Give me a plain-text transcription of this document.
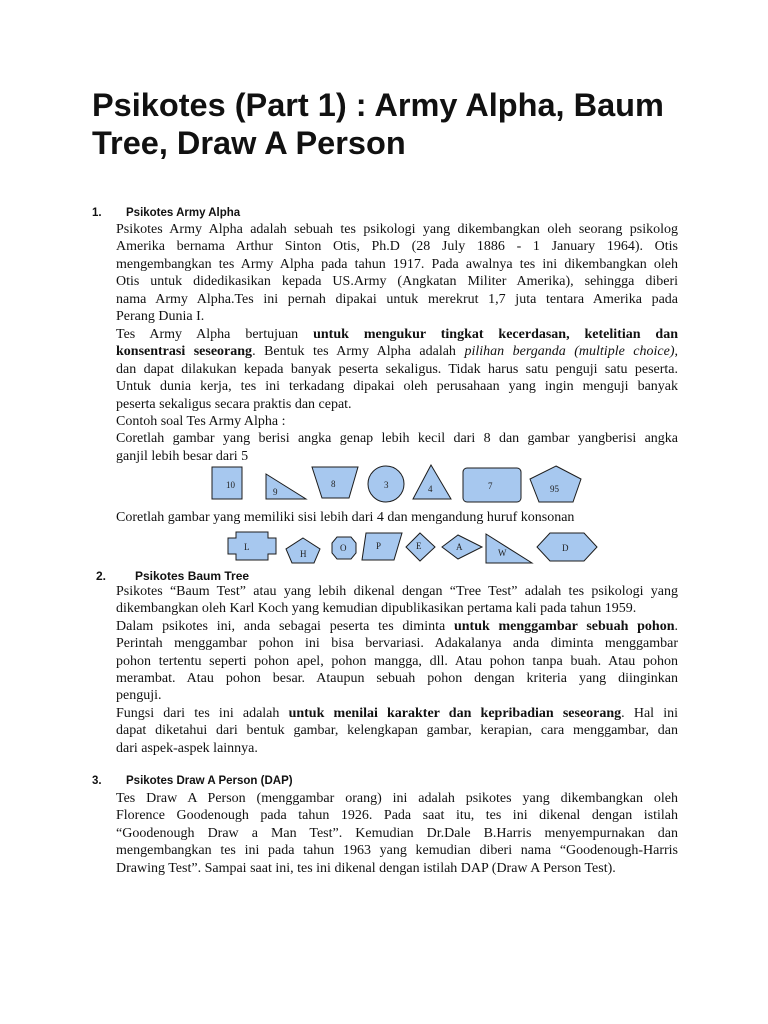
Psikotes (Part 1) : Army Alpha, Baum Tree, Draw A Person
1. Psikotes Army Alpha
Psikotes Army Alpha adalah sebuah tes psikologi yang dikembangkan oleh seorang psikolog
Amerika bernama Arthur Sinton Otis, Ph.D (28 July 1886 - 1 January 1964). Otis
mengembangkan tes Army Alpha pada tahun 1917. Pada awalnya tes ini dikembangkan oleh
Otis untuk didedikasikan kepada US.Army (Angkatan Militer Amerika), sehingga diberi
nama Army Alpha.Tes ini pernah dipakai untuk merekrut 1,7 juta tentara Amerika pada
Perang Dunia I.
Tes Army Alpha bertujuan untuk mengukur tingkat kecerdasan, ketelitian dan
konsentrasi seseorang. Bentuk tes Army Alpha adalah pilihan berganda (multiple choice),
dan dapat dilakukan kepada banyak peserta sekaligus. Tidak harus satu penguji satu peserta.
Untuk dunia kerja, tes ini terkadang dipakai oleh perusahaan yang ingin menguji banyak
peserta sekaligus secara praktis dan cepat.
Contoh soal Tes Army Alpha :
Coretlah gambar yang berisi angka genap lebih kecil dari 8 dan gambar yangberisi angka
ganjil lebih besar dari 5
10
9
8	3	4	7	95
Coretlah gambar yang memiliki sisi lebih dari 4 dan mengandung huruf konsonan
L
H
O	P	E	A
W	D
2. Psikotes Baum Tree
Psikotes “Baum Test” atau yang lebih dikenal dengan “Tree Test” adalah tes psikologi yang
dikembangkan oleh Karl Koch yang kemudian dipublikasikan pertama kali pada tahun 1959.
Dalam psikotes ini, anda sebagai peserta tes diminta untuk menggambar sebuah pohon.
Perintah menggambar pohon ini bisa bervariasi. Adakalanya anda diminta menggambar
pohon tertentu seperti pohon apel, pohon mangga, dll. Atau pohon tanpa buah. Atau pohon
merambat. Atau pohon besar. Ataupun sebuah pohon dengan kriteria yang diinginkan
penguji.
Fungsi dari tes ini adalah untuk menilai karakter dan kepribadian seseorang. Hal ini
dapat diketahui dari bentuk gambar, kelengkapan gambar, kerapian, cara menggambar, dan
dari aspek-aspek lainnya.
3. Psikotes Draw A Person (DAP)
Tes Draw A Person (menggambar orang) ini adalah psikotes yang dikembangkan oleh
Florence Goodenough pada tahun 1926. Pada saat itu, tes ini dikenal dengan istilah
“Goodenough Draw a Man Test”. Kemudian Dr.Dale B.Harris menyempurnakan dan
mengembangkan tes ini pada tahun 1963 yang kemudian diberi nama “Goodenough-Harris
Drawing Test”. Sampai saat ini, tes ini dikenal dengan istilah DAP (Draw A Person Test).
